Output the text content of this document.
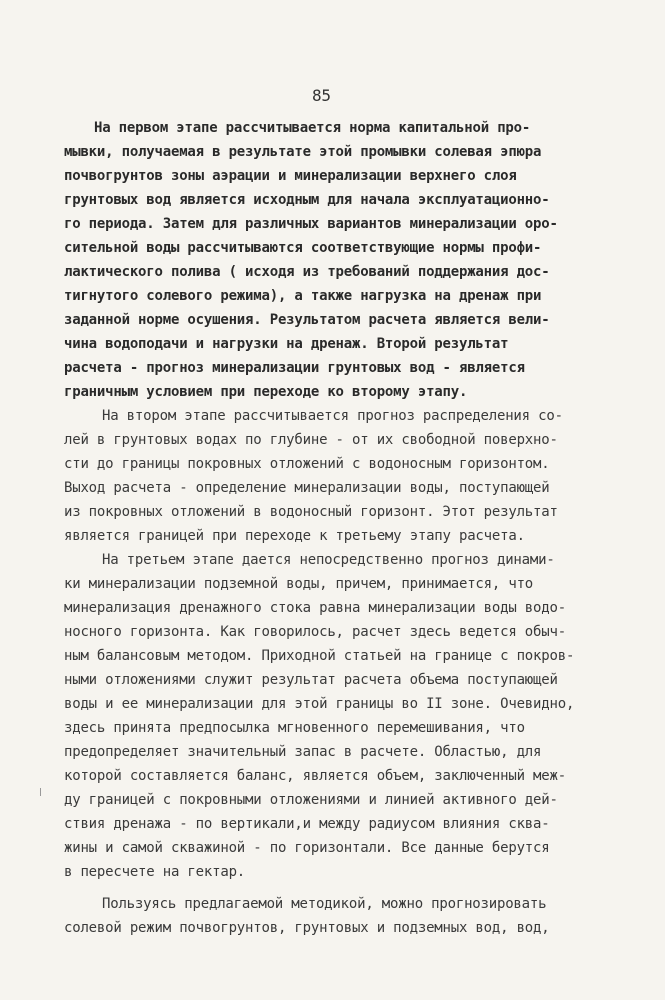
85
На первом этапе рассчитывается норма капитальной про-
мывки, получаемая в результате этой промывки солевая эпюра
почвогрунтов зоны аэрации и минерализации верхнего слоя
грунтовых вод является исходным для начала эксплуатационно-
го периода. Затем для различных вариантов минерализации оро-
сительной воды рассчитываются соответствующие нормы профи-
лактического полива ( исходя из требований поддержания дос-
тигнутого солевого режима), а также нагрузка на дренаж при
заданной норме осушения. Результатом расчета является вели-
чина водоподачи и нагрузки на дренаж. Второй результат
расчета - прогноз минерализации грунтовых вод - является
граничным условием при переходе ко второму этапу.
На втором этапе рассчитывается прогноз распределения со-
лей в грунтовых водах по глубине - от их свободной поверхно-
сти до границы покровных отложений с водоносным горизонтом.
Выход расчета - определение минерализации воды, поступающей
из покровных отложений в водоносный горизонт. Этот результат
является границей при переходе к третьему этапу расчета.
На третьем этапе дается непосредственно прогноз динами-
ки минерализации подземной воды, причем, принимается, что
минерализация дренажного стока равна минерализации воды водо-
носного горизонта. Как говорилось, расчет здесь ведется обыч-
ным балансовым методом. Приходной статьей на границе с покров-
ными отложениями служит результат расчета объема поступающей
воды и ее минерализации для этой границы во II зоне. Очевидно,
здесь принята предпосылка мгновенного перемешивания, что
предопределяет значительный запас в расчете. Областью, для
которой составляется баланс, является объем, заключенный меж-
ду границей с покровными отложениями и линией активного дей-
ствия дренажа - по вертикали,и между радиусом влияния сква-
жины и самой скважиной - по горизонтали. Все данные берутся
в пересчете на гектар.
Пользуясь предлагаемой методикой, можно прогнозировать
солевой режим почвогрунтов, грунтовых и подземных вод, вод,
